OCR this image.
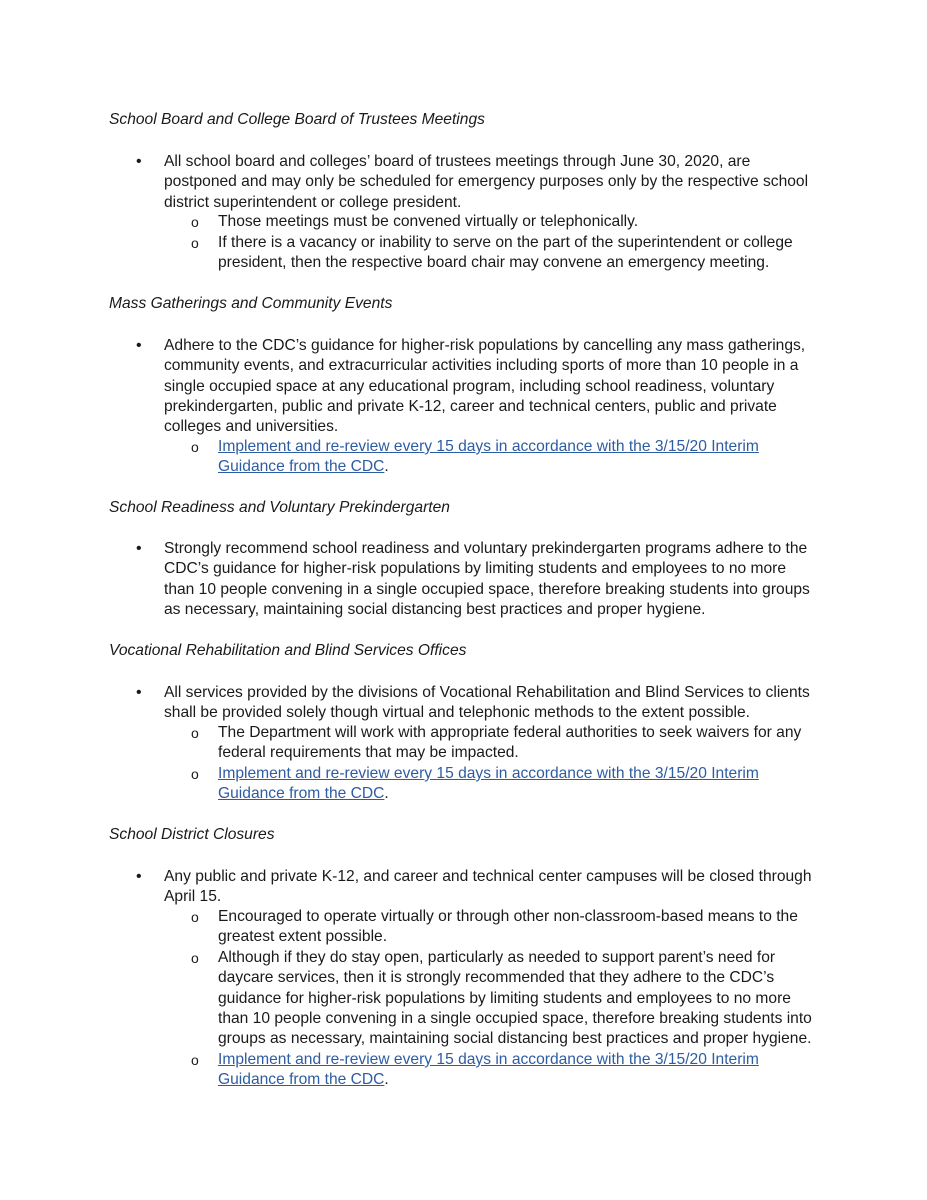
School Board and College Board of Trustees Meetings
• All school board and colleges’ board of trustees meetings through June 30, 2020, are postponed and may only be scheduled for emergency purposes only by the respective school district superintendent or college president.
o Those meetings must be convened virtually or telephonically.
o If there is a vacancy or inability to serve on the part of the superintendent or college president, then the respective board chair may convene an emergency meeting.
Mass Gatherings and Community Events
• Adhere to the CDC’s guidance for higher-risk populations by cancelling any mass gatherings, community events, and extracurricular activities including sports of more than 10 people in a single occupied space at any educational program, including school readiness, voluntary prekindergarten, public and private K-12, career and technical centers, public and private colleges and universities.
o Implement and re-review every 15 days in accordance with the 3/15/20 Interim Guidance from the CDC.
School Readiness and Voluntary Prekindergarten
• Strongly recommend school readiness and voluntary prekindergarten programs adhere to the CDC’s guidance for higher-risk populations by limiting students and employees to no more than 10 people convening in a single occupied space, therefore breaking students into groups as necessary, maintaining social distancing best practices and proper hygiene.
Vocational Rehabilitation and Blind Services Offices
• All services provided by the divisions of Vocational Rehabilitation and Blind Services to clients shall be provided solely though virtual and telephonic methods to the extent possible.
o The Department will work with appropriate federal authorities to seek waivers for any federal requirements that may be impacted.
o Implement and re-review every 15 days in accordance with the 3/15/20 Interim Guidance from the CDC.
School District Closures
• Any public and private K-12, and career and technical center campuses will be closed through April 15.
o Encouraged to operate virtually or through other non-classroom-based means to the greatest extent possible.
o Although if they do stay open, particularly as needed to support parent’s need for daycare services, then it is strongly recommended that they adhere to the CDC’s guidance for higher-risk populations by limiting students and employees to no more than 10 people convening in a single occupied space, therefore breaking students into groups as necessary, maintaining social distancing best practices and proper hygiene.
o Implement and re-review every 15 days in accordance with the 3/15/20 Interim Guidance from the CDC.
